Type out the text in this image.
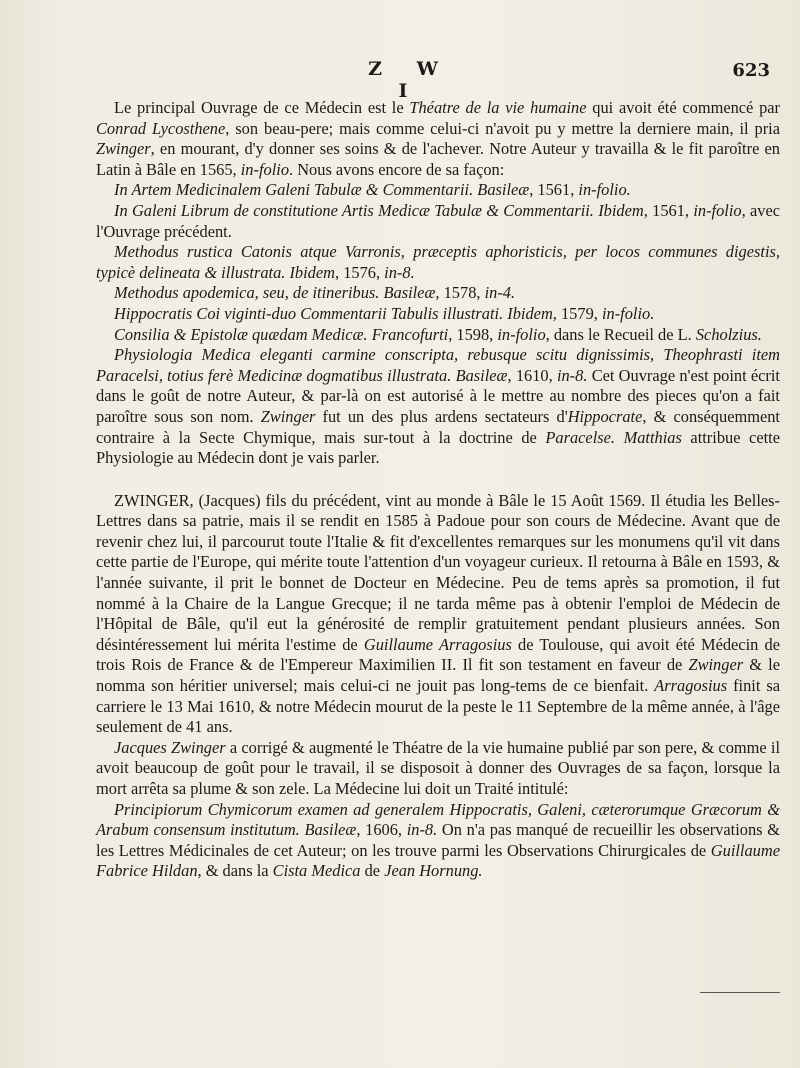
Z W I
623

Le principal Ouvrage de ce Médecin est le Théatre de la vie humaine qui avoit été commencé par Conrad Lycosthene, son beau-pere; mais comme celui-ci n'avoit pu y mettre la derniere main, il pria Zwinger, en mourant, d'y donner ses soins & de l'achever. Notre Auteur y travailla & le fit paroître en Latin à Bâle en 1565, in-folio. Nous avons encore de sa façon:

In Artem Medicinalem Galeni Tabulæ & Commentarii. Basileæ, 1561, in-folio.

In Galeni Librum de constitutione Artis Medicæ Tabulæ & Commentarii. Ibidem, 1561, in-folio, avec l'Ouvrage précédent.

Methodus rustica Catonis atque Varronis, præceptis aphoristicis, per locos communes digestis, typicè delineata & illustrata. Ibidem, 1576, in-8.

Methodus apodemica, seu, de itineribus. Basileæ, 1578, in-4.

Hippocratis Coi viginti-duo Commentarii Tabulis illustrati. Ibidem, 1579, in-folio.

Consilia & Epistolæ quædam Medicæ. Francofurti, 1598, in-folio, dans le Recueil de L. Scholzius.

Physiologia Medica eleganti carmine conscripta, rebusque scitu dignissimis, Theophrasti item Paracelsi, totius ferè Medicinæ dogmatibus illustrata. Basileæ, 1610, in-8. Cet Ouvrage n'est point écrit dans le goût de notre Auteur, & par-là on est autorisé à le mettre au nombre des pieces qu'on a fait paroître sous son nom. Zwinger fut un des plus ardens sectateurs d'Hippocrate, & conséquemment contraire à la Secte Chymique, mais sur-tout à la doctrine de Paracelse. Matthias attribue cette Physiologie au Médecin dont je vais parler.

ZWINGER, (Jacques) fils du précédent, vint au monde à Bâle le 15 Août 1569. Il étudia les Belles-Lettres dans sa patrie, mais il se rendit en 1585 à Padoue pour son cours de Médecine. Avant que de revenir chez lui, il parcourut toute l'Italie & fit d'excellentes remarques sur les monumens qu'il vit dans cette partie de l'Europe, qui mérite toute l'attention d'un voyageur curieux. Il retourna à Bâle en 1593, & l'année suivante, il prit le bonnet de Docteur en Médecine. Peu de tems après sa promotion, il fut nommé à la Chaire de la Langue Grecque; il ne tarda même pas à obtenir l'emploi de Médecin de l'Hôpital de Bâle, qu'il eut la générosité de remplir gratuitement pendant plusieurs années. Son désintéressement lui mérita l'estime de Guillaume Arragosius de Toulouse, qui avoit été Médecin de trois Rois de France & de l'Empereur Maximilien II. Il fit son testament en faveur de Zwinger & le nomma son héritier universel; mais celui-ci ne jouit pas long-tems de ce bienfait. Arragosius finit sa carriere le 13 Mai 1610, & notre Médecin mourut de la peste le 11 Septembre de la même année, à l'âge seulement de 41 ans.

Jacques Zwinger a corrigé & augmenté le Théatre de la vie humaine publié par son pere, & comme il avoit beaucoup de goût pour le travail, il se disposoit à donner des Ouvrages de sa façon, lorsque la mort arrêta sa plume & son zele. La Médecine lui doit un Traité intitulé:

Principiorum Chymicorum examen ad generalem Hippocratis, Galeni, cæterorumque Græcorum & Arabum consensum institutum. Basileæ, 1606, in-8. On n'a pas manqué de recueillir les observations & les Lettres Médicinales de cet Auteur; on les trouve parmi les Observations Chirurgicales de Guillaume Fabrice Hildan, & dans la Cista Medica de Jean Hornung.
